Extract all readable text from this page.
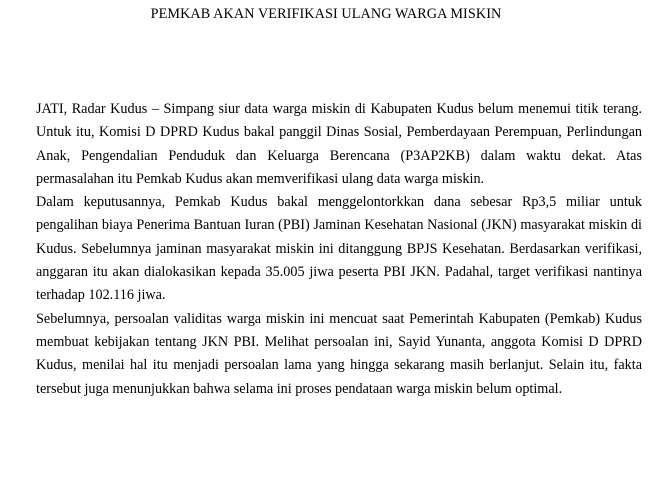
PEMKAB AKAN VERIFIKASI ULANG WARGA MISKIN

JATI, Radar Kudus – Simpang siur data warga miskin di Kabupaten Kudus belum menemui titik terang. Untuk itu, Komisi D DPRD Kudus bakal panggil Dinas Sosial, Pemberdayaan Perempuan, Perlindungan Anak, Pengendalian Penduduk dan Keluarga Berencana (P3AP2KB) dalam waktu dekat. Atas permasalahan itu Pemkab Kudus akan memverifikasi ulang data warga miskin.

Dalam keputusannya, Pemkab Kudus bakal menggelontorkkan dana sebesar Rp3,5 miliar untuk pengalihan biaya Penerima Bantuan Iuran (PBI) Jaminan Kesehatan Nasional (JKN) masyarakat miskin di Kudus. Sebelumnya jaminan masyarakat miskin ini ditanggung BPJS Kesehatan. Berdasarkan verifikasi, anggaran itu akan dialokasikan kepada 35.005 jiwa peserta PBI JKN. Padahal, target verifikasi nantinya terhadap 102.116 jiwa.

Sebelumnya, persoalan validitas warga miskin ini mencuat saat Pemerintah Kabupaten (Pemkab) Kudus membuat kebijakan tentang JKN PBI. Melihat persoalan ini, Sayid Yunanta, anggota Komisi D DPRD Kudus, menilai hal itu menjadi persoalan lama yang hingga sekarang masih berlanjut. Selain itu, fakta tersebut juga menunjukkan bahwa selama ini proses pendataan warga miskin belum optimal.
